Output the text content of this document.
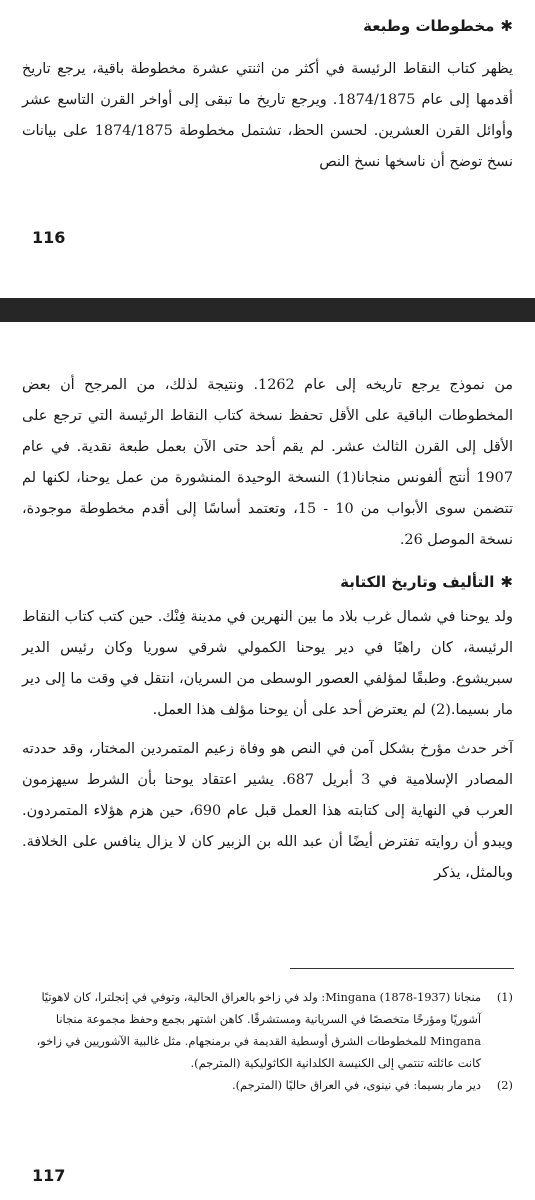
✱مخطوطات وطبعة

يظهر كتاب النقاط الرئيسة في أكثر من اثنتي عشرة مخطوطة باقية، يرجع تاريخ أقدمها إلى عام 1874/1875. ويرجع تاريخ ما تبقى إلى أواخر القرن التاسع عشر وأوائل القرن العشرين. لحسن الحظ، تشتمل مخطوطة 1874/1875 على بيانات نسخ توضح أن ناسخها نسخ النص

116

من نموذج يرجع تاريخه إلى عام 1262. ونتيجة لذلك، من المرجح أن بعض المخطوطات الباقية على الأقل تحفظ نسخة كتاب النقاط الرئيسة التي ترجع على الأقل إلى القرن الثالث عشر. لم يقم أحد حتى الآن بعمل طبعة نقدية. في عام 1907 أنتج ألفونس منجانا(1) النسخة الوحيدة المنشورة من عمل يوحنا، لكنها لم تتضمن سوى الأبواب من 10 - 15، وتعتمد أساسًا إلى أقدم مخطوطة موجودة، نسخة الموصل 26.

✱التأليف وتاريخ الكتابة

ولد يوحنا في شمال غرب بلاد ما بين النهرين في مدينة فِنْك. حين كتب كتاب النقاط الرئيسة، كان راهبًا في دير يوحنا الكمولي شرقي سوريا وكان رئيس الدير سبريشوع. وطبقًا لمؤلفي العصور الوسطى من السريان، انتقل في وقت ما إلى دير مار بسيما.(2) لم يعترض أحد على أن يوحنا مؤلف هذا العمل.

آخر حدث مؤرخ بشكل آمن في النص هو وفاة زعيم المتمردين المختار، وقد حددته المصادر الإسلامية في 3 أبريل 687. يشير اعتقاد يوحنا بأن الشرط سيهزمون العرب في النهاية إلى كتابته هذا العمل قبل عام 690، حين هزم هؤلاء المتمردون. ويبدو أن روايته تفترض أيضًا أن عبد الله بن الزبير كان لا يزال ينافس على الخلافة. وبالمثل، يذكر

(1)
منجانا Mingana (1878-1937): ولد في زاخو بالعراق الحالية، وتوفي في إنجلترا، كان لاهوتيًا آشوريًا ومؤرخًا متخصصًا في السريانية ومستشرقًا. كاهن اشتهر بجمع وحفظ مجموعة منجانا Mingana للمخطوطات الشرق أوسطية القديمة في برمنجهام. مثل غالبية الآشوريين في زاخو، كانت عائلته تنتمي إلى الكنيسة الكلدانية الكاثوليكية (المترجم).
(2)
دير مار بسيما: في نينوى، في العراق حاليًا (المترجم).
117
